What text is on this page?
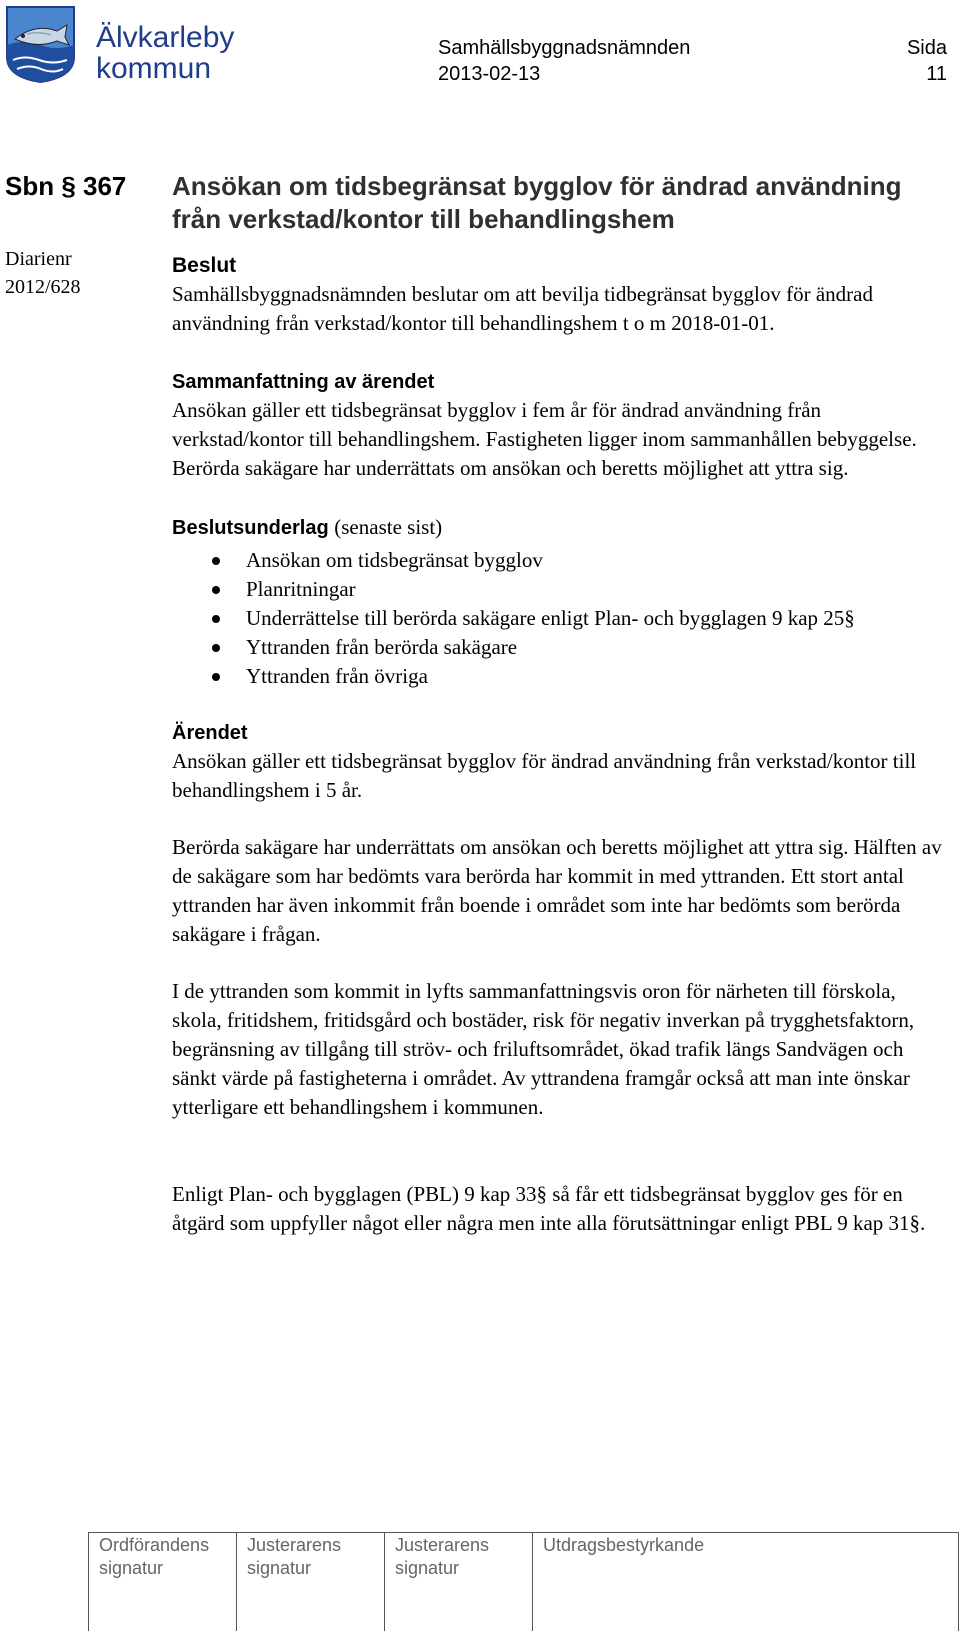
Älvkarleby
kommun
Samhällsbyggnadsnämnden
2013-02-13
Sida
11
Sbn § 367
Diarienr
2012/628
Ansökan om tidsbegränsat bygglov för ändrad användning från verkstad/kontor till behandlingshem
Beslut

Samhällsbyggnadsnämnden beslutar om att bevilja tidbegränsat bygglov för ändrad användning från verkstad/kontor till behandlingshem t o m 2018-01-01.

Sammanfattning av ärendet

Ansökan gäller ett tidsbegränsat bygglov i fem år för ändrad användning från verkstad/kontor till behandlingshem. Fastigheten ligger inom sammanhållen bebyggelse. Berörda sakägare har underrättats om ansökan och beretts möjlighet att yttra sig.

Beslutsunderlag (senaste sist)
Ansökan om tidsbegränsat bygglov
Planritningar
Underrättelse till berörda sakägare enligt Plan- och bygglagen 9 kap 25§
Yttranden från berörda sakägare
Yttranden från övriga
Ärendet

Ansökan gäller ett tidsbegränsat bygglov för ändrad användning från verkstad/kontor till behandlingshem i 5 år.

Berörda sakägare har underrättats om ansökan och beretts möjlighet att yttra sig. Hälften av de sakägare som har bedömts vara berörda har kommit in med yttranden. Ett stort antal yttranden har även inkommit från boende i området som inte har bedömts som berörda sakägare i frågan.

I de yttranden som kommit in lyfts sammanfattningsvis oron för närheten till förskola, skola, fritidshem, fritidsgård och bostäder, risk för negativ inverkan på trygghetsfaktorn, begränsning av tillgång till ströv- och friluftsområdet, ökad trafik längs Sandvägen och sänkt värde på fastigheterna i området. Av yttrandena framgår också att man inte önskar ytterligare ett behandlingshem i kommunen.

Enligt Plan- och bygglagen (PBL) 9 kap 33§ så får ett tidsbegränsat bygglov ges för en åtgärd som uppfyller något eller några men inte alla förutsättningar enligt PBL 9 kap 31§.

Ordförandens
signatur
Justerarens
signatur
Justerarens
signatur
Utdragsbestyrkande
